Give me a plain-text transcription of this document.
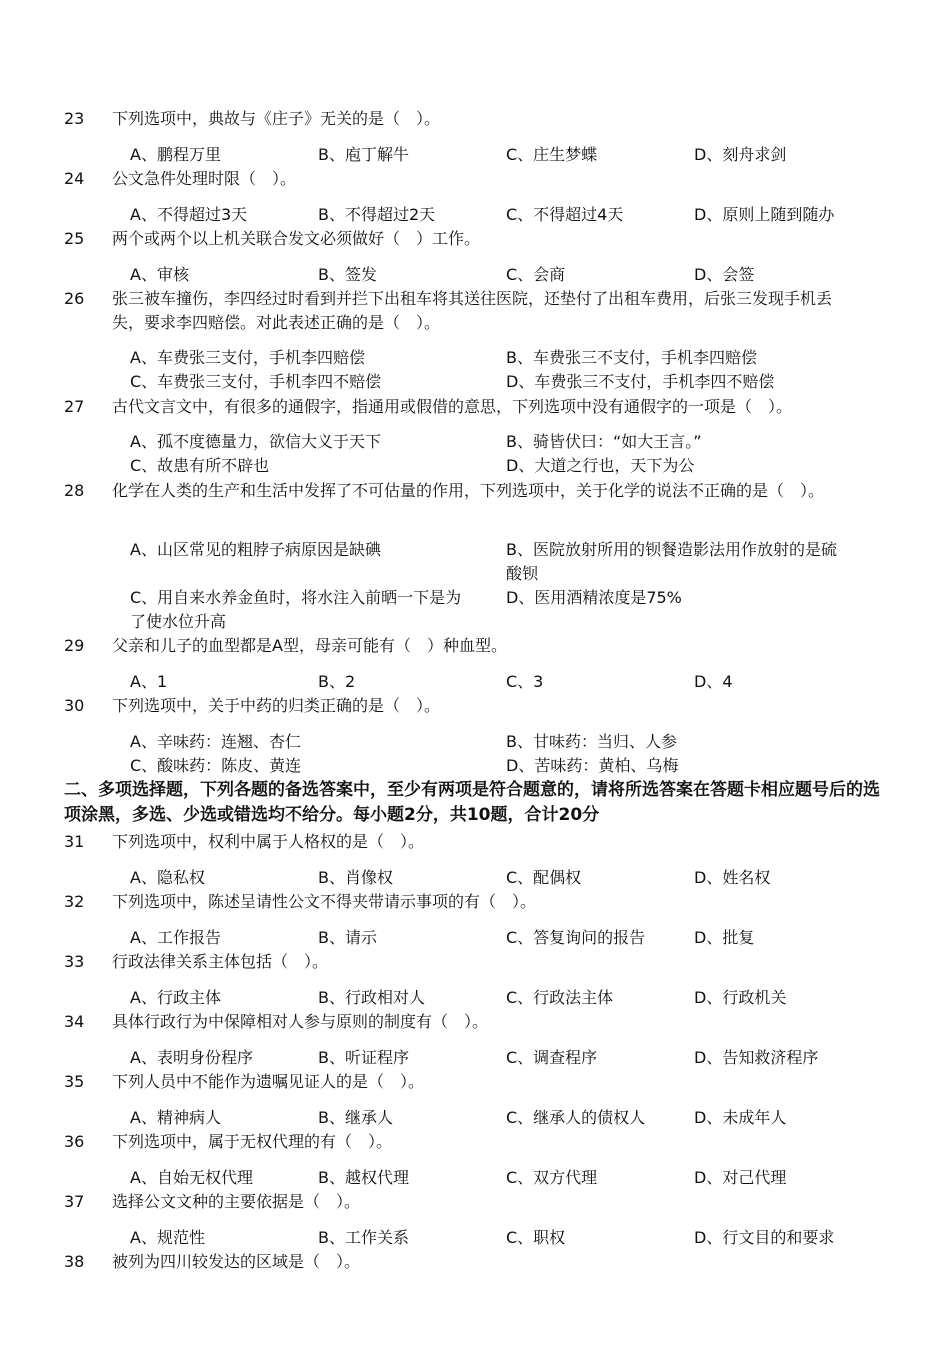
23 下列选项中，典故与《庄子》无关的是（　）。
A、鹏程万里	B、庖丁解牛	C、庄生梦蝶	D、刻舟求剑
24 公文急件处理时限（　）。
A、不得超过3天	B、不得超过2天	C、不得超过4天	D、原则上随到随办
25 两个或两个以上机关联合发文必须做好（　）工作。
A、审核	B、签发	C、会商	D、会签
26 张三被车撞伤，李四经过时看到并拦下出租车将其送往医院，还垫付了出租车费用，后张三发现手机丢失，要求李四赔偿。对此表述正确的是（　）。
A、车费张三支付，手机李四赔偿	B、车费张三不支付，手机李四赔偿
C、车费张三支付，手机李四不赔偿	D、车费张三不支付，手机李四不赔偿
27 古代文言文中，有很多的通假字，指通用或假借的意思，下列选项中没有通假字的一项是（　）。
A、孤不度德量力，欲信大义于天下	B、骑皆伏曰：“如大王言。”
C、故患有所不辟也	D、大道之行也，天下为公
28 化学在人类的生产和生活中发挥了不可估量的作用，下列选项中，关于化学的说法不正确的是（　）。
A、山区常见的粗脖子病原因是缺碘	B、医院放射所用的钡餐造影法用作放射的是硫酸钡
C、用自来水养金鱼时，将水注入前晒一下是为了使水位升高
D、医用酒精浓度是75%
29 父亲和儿子的血型都是A型，母亲可能有（　）种血型。
A、1	B、2	C、3	D、4
30 下列选项中，关于中药的归类正确的是（　）。
A、辛味药：连翘、杏仁	B、甘味药：当归、人参
C、酸味药：陈皮、黄连	D、苦味药：黄柏、乌梅
二、多项选择题，下列各题的备选答案中，至少有两项是符合题意的，请将所选答案在答题卡相应题号后的选项涂黑，多选、少选或错选均不给分。每小题2分，共10题，合计20分
31 下列选项中，权利中属于人格权的是（　）。
A、隐私权	B、肖像权	C、配偶权	D、姓名权
32 下列选项中，陈述呈请性公文不得夹带请示事项的有（　）。
A、工作报告	B、请示	C、答复询问的报告	D、批复
33 行政法律关系主体包括（　）。
A、行政主体	B、行政相对人	C、行政法主体	D、行政机关
34 具体行政行为中保障相对人参与原则的制度有（　）。
A、表明身份程序	B、听证程序	C、调查程序	D、告知救济程序
35 下列人员中不能作为遗嘱见证人的是（　）。
A、精神病人	B、继承人	C、继承人的债权人	D、未成年人
36 下列选项中，属于无权代理的有（　）。
A、自始无权代理	B、越权代理	C、双方代理	D、对己代理
37 选择公文文种的主要依据是（　）。
A、规范性	B、工作关系	C、职权	D、行文目的和要求
38 被列为四川较发达的区域是（　）。
